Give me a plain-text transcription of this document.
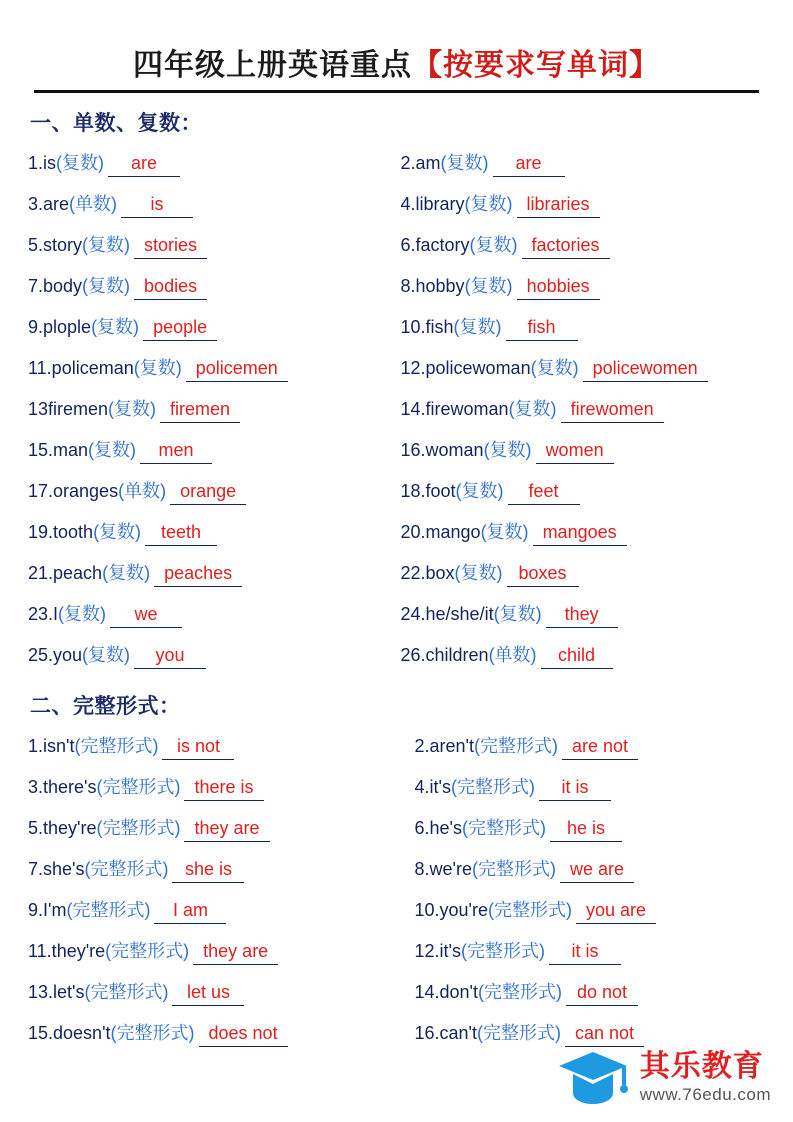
四年级上册英语重点【按要求写单词】
一、单数、复数：
1.is (复数)	are	2.am (复数)	are
3.are (单数)	is	4.library (复数) libraries
5.story (复数) stories	6.factory (复数) factories
7.body (复数) bodies	8.hobby (复数) hobbies
9.plople (复数) people	10.fish (复数)	fish
11.policeman (复数) policemen	12.policewoman (复数) policewomen
13firemen (复数) firemen	14.firewoman (复数) firewomen
15.man (复数)	men	16.woman (复数) women
17.oranges (单数) orange	18.foot (复数)	feet
19.tooth (复数)	teeth	20.mango (复数) mangoes
21.peach (复数) peaches	22.box (复数) boxes
23.I (复数)	we	24.he/she/it (复数)	they
25.you (复数)	you	26.children (单数)	child
二、完整形式：
1.isn't (完整形式)	is not	2.aren't (完整形式) are not
3.there's (完整形式) there is	4.it's (完整形式)	it is
5.they're (完整形式) they are	6.he's (完整形式)	he is
7.she's (完整形式) she is	8.we're (完整形式) we are
9.I'm (完整形式)	I am	10.you're (完整形式) you are
11.they're (完整形式) they are	12.it's (完整形式)	it is
13.let's (完整形式)	let us	14.don't (完整形式) do not
15.doesn't (完整形式) does not	16.can't (完整形式) can not
其乐教育
www.76edu.com
